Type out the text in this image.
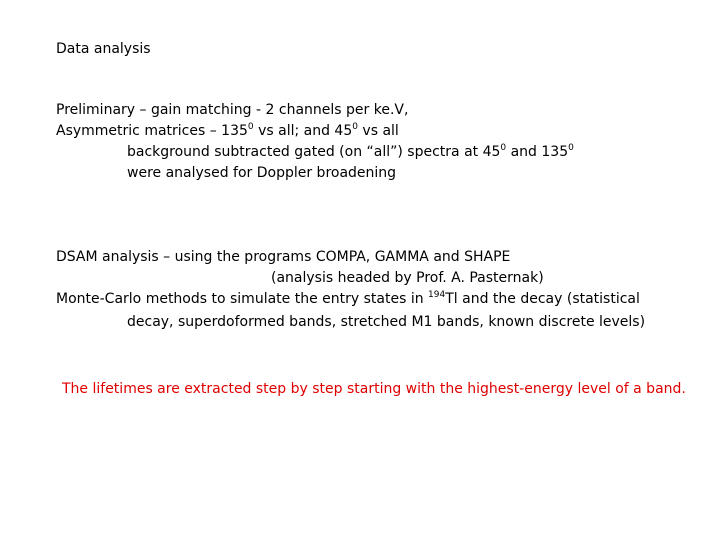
Data analysis
Preliminary – gain matching - 2 channels per ke.V,
Asymmetric matrices – $135^0$ vs all; and $45^0$ vs all
background subtracted gated (on “all”) spectra at $45^0$ and $135^0$
were analysed for Doppler broadening
DSAM analysis – using the programs COMPA, GAMMA and SHAPE
(analysis headed by Prof. A. Pasternak)
Monte-Carlo methods to simulate the entry states in $^{194}$Tl and the decay (statistical
decay, superdoformed bands, stretched M1 bands, known discrete levels)
The lifetimes are extracted step by step starting with the highest-energy level of a band.
